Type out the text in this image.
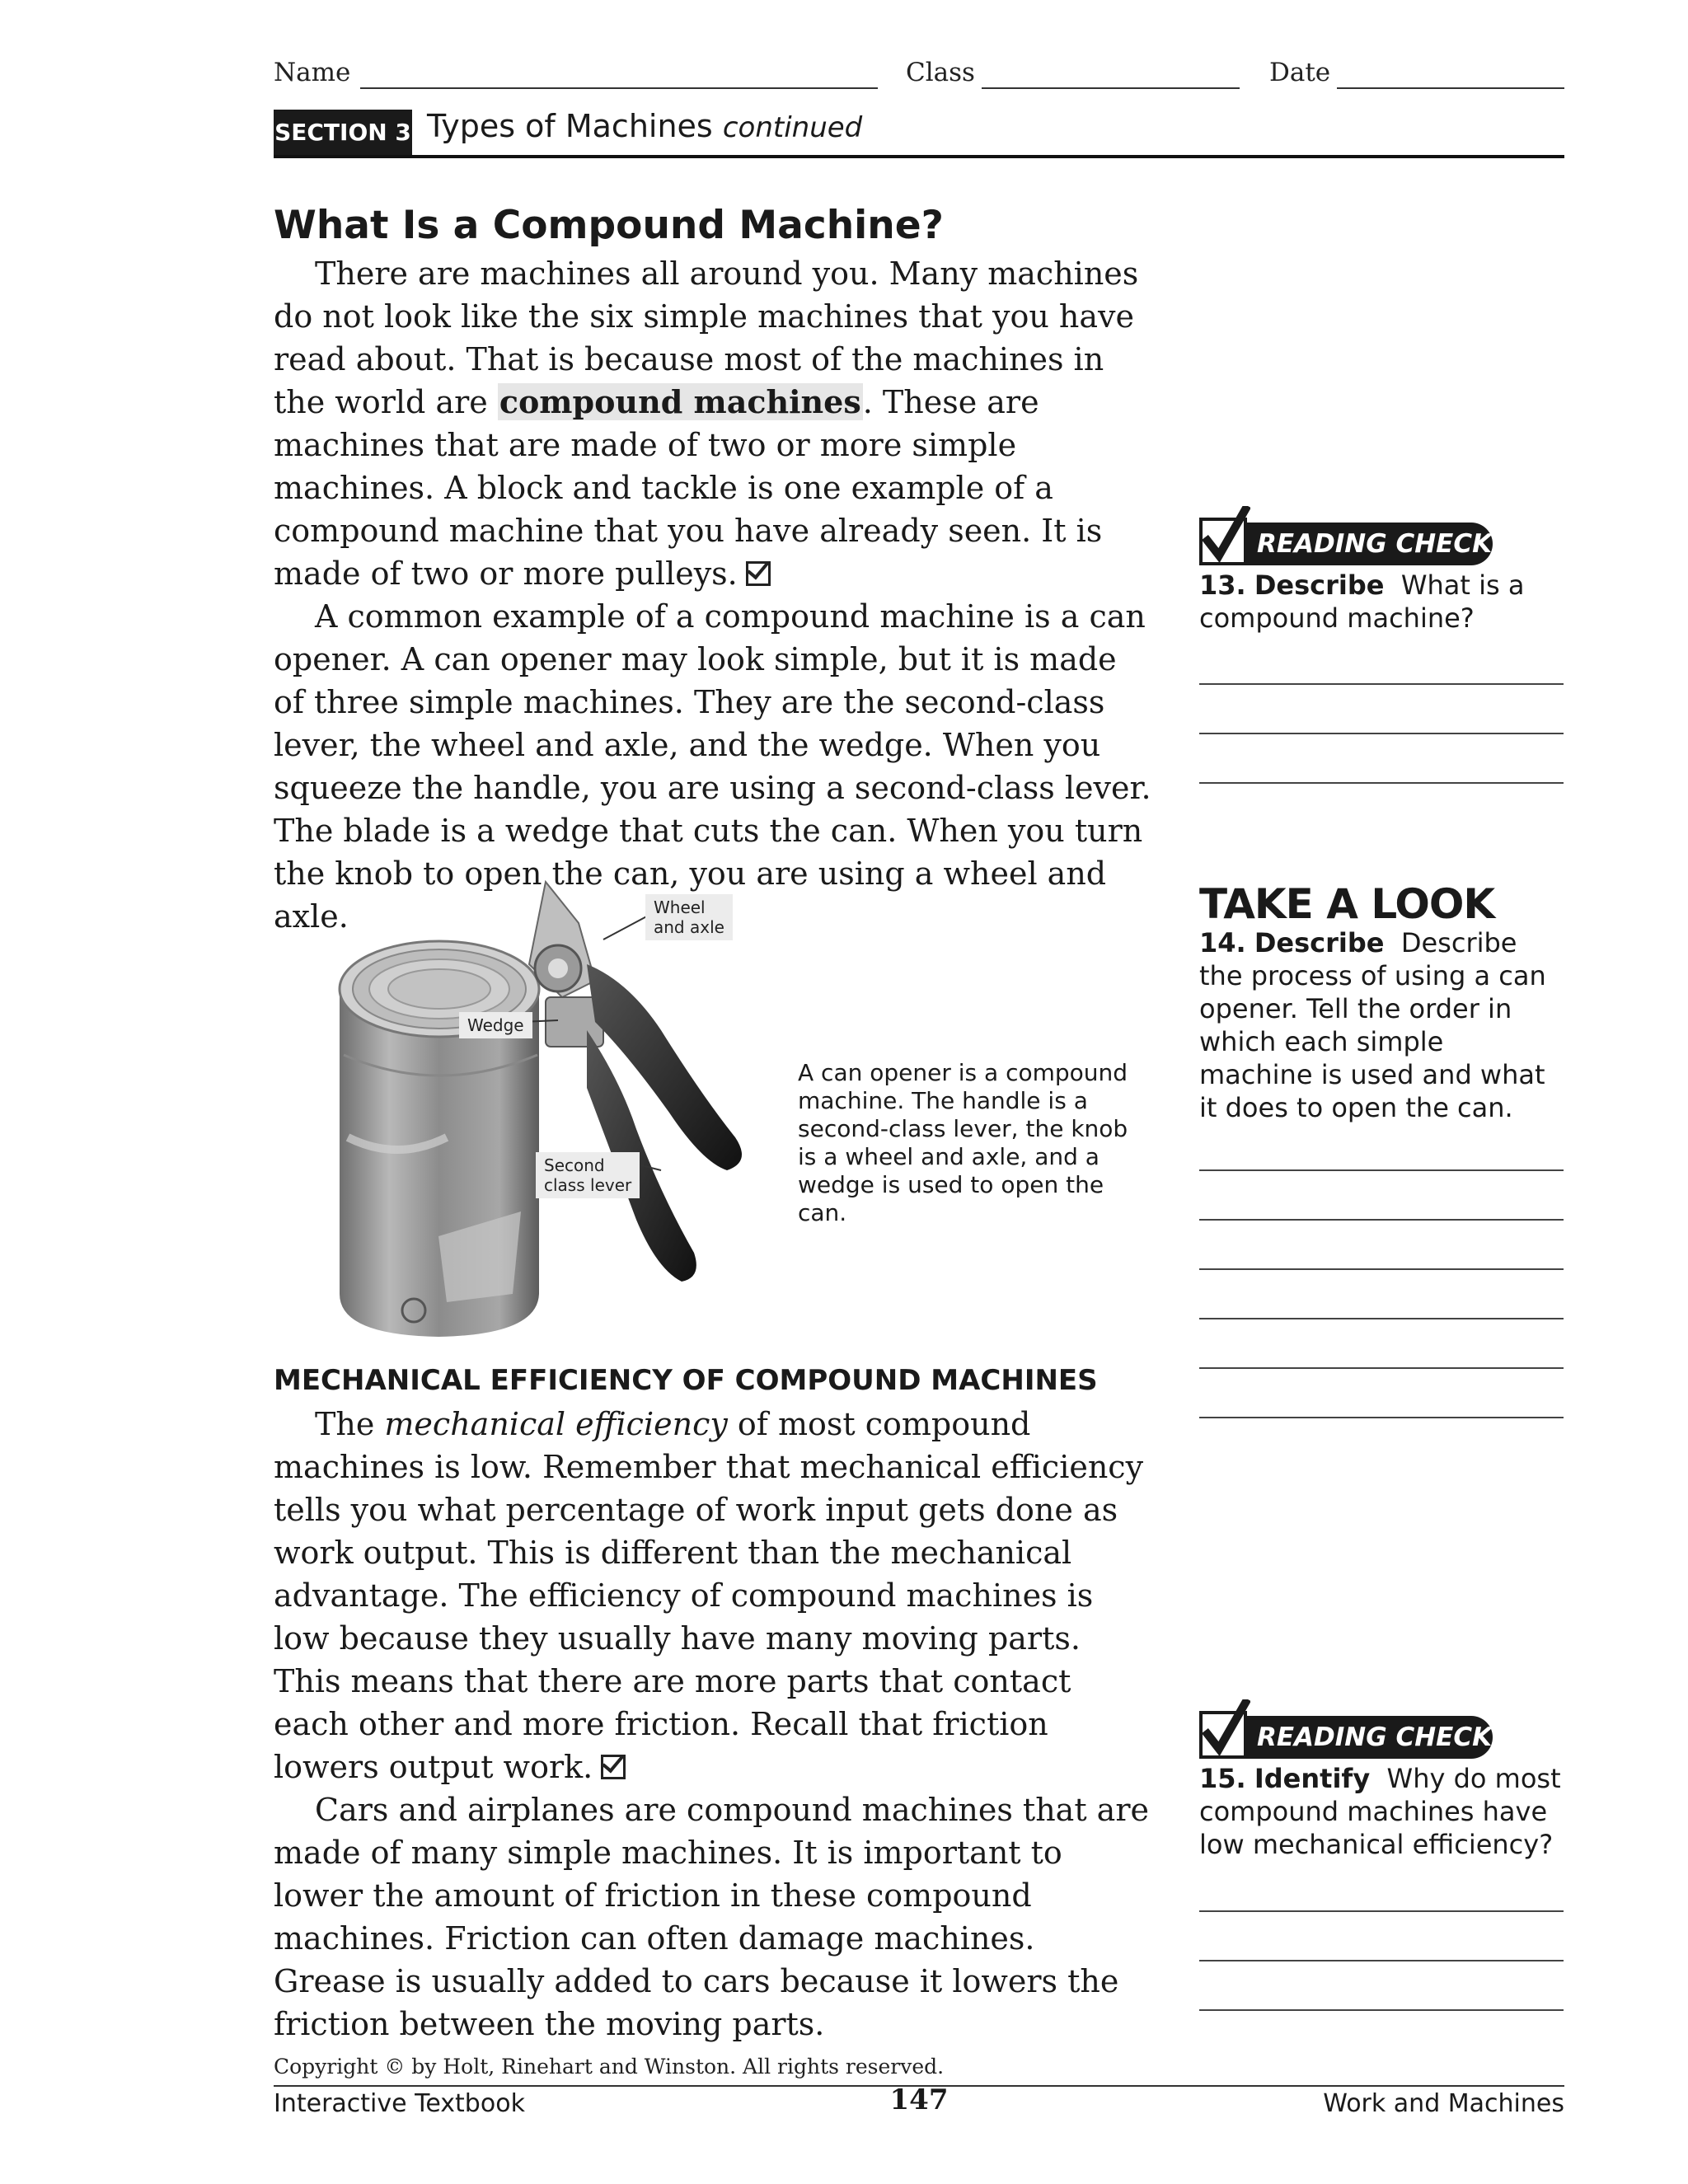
Name	Class	Date
SECTION 3 Types of Machines continued
What Is a Compound Machine?

There are machines all around you. Many machines do not look like the six simple machines that you have read about. That is because most of the machines in the world are compound machines. These are machines that are made of two or more simple machines. A block and tackle is one example of a compound machine that you have already seen. It is made of two or more pulleys.

A common example of a compound machine is a can opener. A can opener may look simple, but it is made of three simple machines. They are the second-class lever, the wheel and axle, and the wedge. When you squeeze the handle, you are using a second-class lever. The blade is a wedge that cuts the can. When you turn the knob to open the can, you are using a wheel and axle.	Wheel
and axle
Wedge
Second
class lever
A can opener is a compound machine. The handle is a second-class lever, the knob is a wheel and axle, and a wedge is used to open the can.
MECHANICAL EFFICIENCY OF COMPOUND MACHINES

The mechanical efficiency of most compound machines is low. Remember that mechanical efficiency tells you what percentage of work input gets done as work output. This is different than the mechanical advantage. The efficiency of compound machines is low because they usually have many moving parts. This means that there are more parts that contact each other and more friction. Recall that friction lowers output work.

Cars and airplanes are compound machines that are made of many simple machines. It is important to lower the amount of friction in these compound machines. Friction can often damage machines. Grease is usually added to cars because it lowers the friction between the moving parts.

READING CHECK
13. Describe What is a compound machine?
TAKE A LOOK
14. Describe Describe the process of using a can opener. Tell the order in which each simple machine is used and what it does to open the can.
READING CHECK
15. Identify Why do most compound machines have low mechanical efficiency?
Copyright © by Holt, Rinehart and Winston. All rights reserved.
Interactive Textbook	147	Work and Machines
